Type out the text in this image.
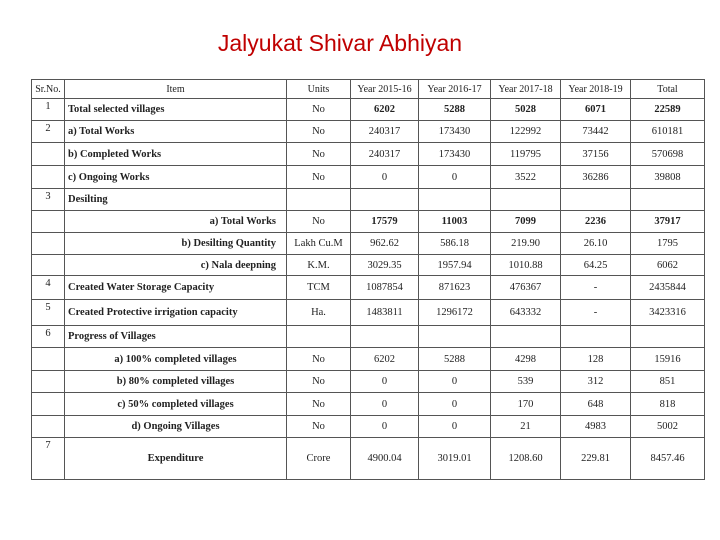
Jalyukat Shivar Abhiyan
Sr.No.	Item	Units	Year 2015-16	Year 2016-17	Year 2017-18	Year 2018-19	Total
1	Total selected villages	No	6202	5288	5028	6071	22589
2	a) Total Works	No	240317	173430	122992	73442	610181
	b) Completed Works	No	240317	173430	119795	37156	570698
	c) Ongoing Works	No	0	0	3522	36286	39808
3	Desilting						
	a) Total Works	No	17579	11003	7099	2236	37917
	b) Desilting Quantity	Lakh Cu.M	962.62	586.18	219.90	26.10	1795
	c) Nala deepning	K.M.	3029.35	1957.94	1010.88	64.25	6062
4	Created Water Storage Capacity	TCM	1087854	871623	476367	-	2435844
5	Created Protective irrigation capacity	Ha.	1483811	1296172	643332	-	3423316
6	Progress of Villages						
	a) 100% completed villages	No	6202	5288	4298	128	15916
	b) 80% completed villages	No	0	0	539	312	851
	c) 50% completed villages	No	0	0	170	648	818
	d) Ongoing Villages	No	0	0	21	4983	5002
7	Expenditure	Crore	4900.04	3019.01	1208.60	229.81	8457.46
